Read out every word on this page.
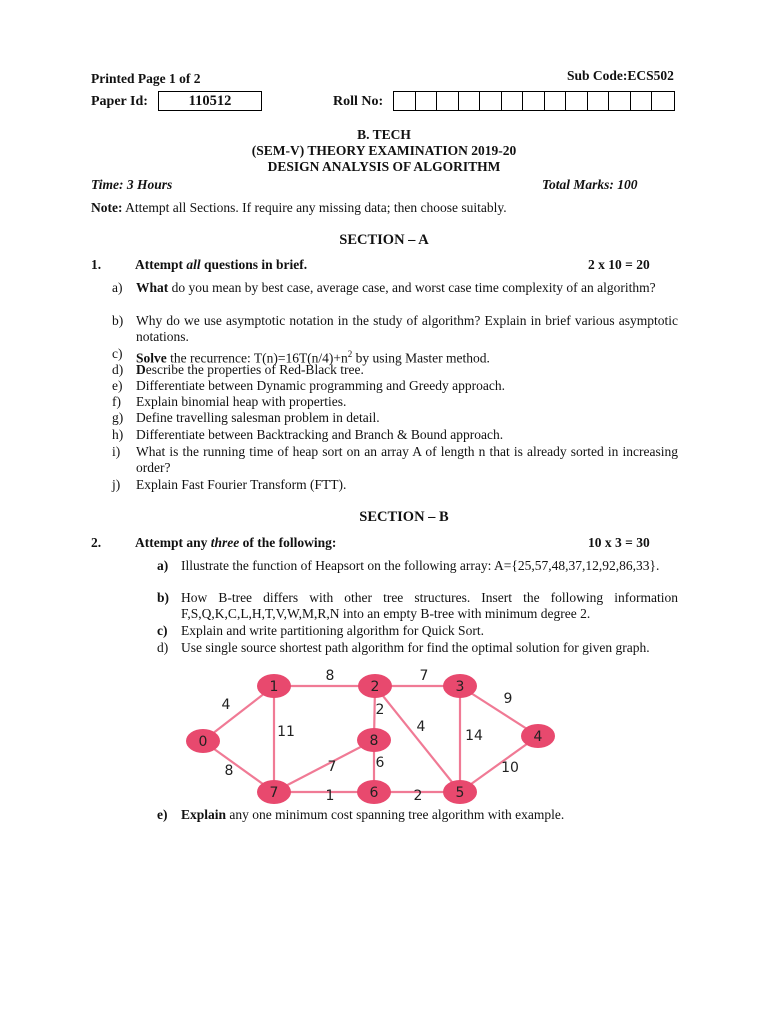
Printed Page 1 of 2	Sub Code:ECS502
Paper Id:	110512	Roll No:
B. TECH
(SEM-V) THEORY EXAMINATION 2019-20
DESIGN ANALYSIS OF ALGORITHM
Time: 3 Hours	Total Marks: 100
Note: Attempt all Sections. If require any missing data; then choose suitably.
SECTION – A
1.	Attempt all questions in brief.	2 x 10 = 20
a)	What do you mean by best case, average case, and worst case time complexity of an algorithm?
b) Why do we use asymptotic notation in the study of algorithm? Explain in brief various asymptotic notations.
c)	Solve the recurrence: $T(n)=16T(n/4)+n^2$ by using Master method.
d) Describe the properties of Red-Black tree.
e)	Differentiate between Dynamic programming and Greedy approach.
f)	Explain binomial heap with properties.
g) Define travelling salesman problem in detail.
h) Differentiate between Backtracking and Branch & Bound approach.
i)	What is the running time of heap sort on an array A of length n that is already sorted in increasing order?
j)	Explain Fast Fourier Transform (FTT).
SECTION – B
2.	Attempt any three of the following:	10 x 3 = 30
a) Illustrate the function of Heapsort on the following array: A={25,57,48,37,12,92,86,33}.
b) How B-tree differs with other tree structures. Insert the following information F,S,Q,K,C,L,H,T,V,W,M,R,N into an empty B-tree with minimum degree 2.
c)	Explain and write partitioning algorithm for Quick Sort.
d) Use single source shortest path algorithm for find the optimal solution for given graph.
4
8
8
11
7
2
4
9
14
10
2
1
6
7
0
1	2	3
4
5
6
7
8
e)	Explain any one minimum cost spanning tree algorithm with example.
